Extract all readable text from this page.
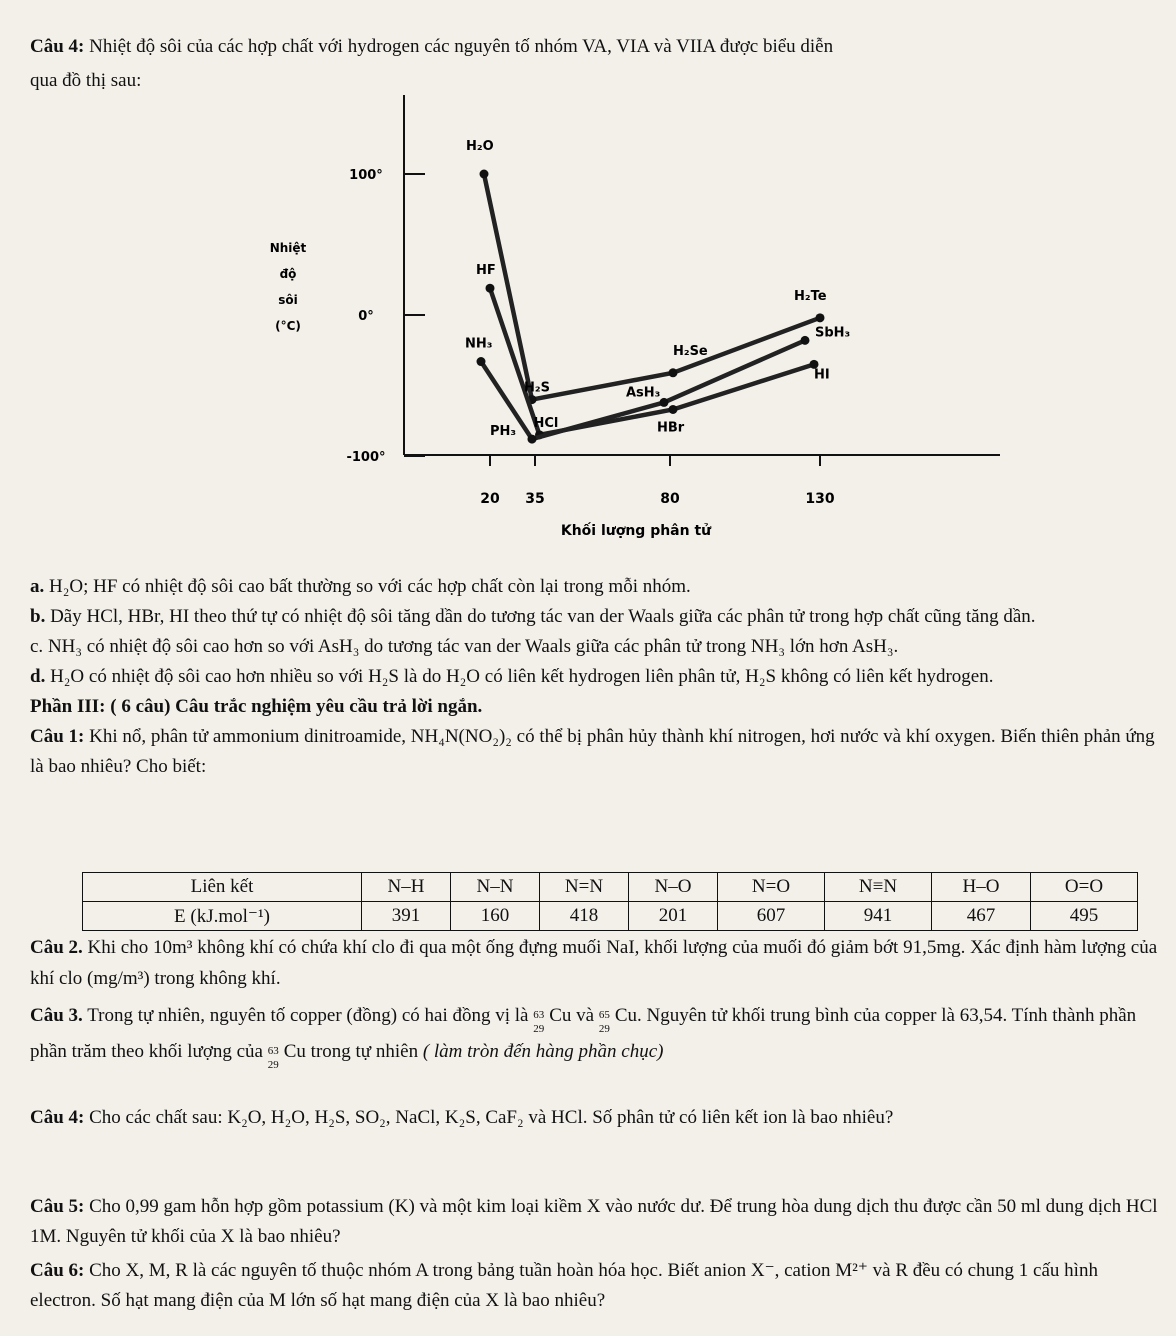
Câu 4: Nhiệt độ sôi của các hợp chất với hydrogen các nguyên tố nhóm VA, VIA và VIIA được biểu diễn
qua đồ thị sau:
100°
0°
-100°
20 35	80	130
Nhiệt
độ
sôi
(°C)
Khối lượng phân tử
H₂O
H₂S
H₂Se
H₂Te
HF
HCl	HBr
HI
NH₃
PH₃
AsH₃
SbH₃

a. H₂O; HF có nhiệt độ sôi cao bất thường so với các hợp chất còn lại trong mỗi nhóm.

b. Dãy HCl, HBr, HI theo thứ tự có nhiệt độ sôi tăng dần do tương tác van der Waals giữa các phân tử trong hợp chất cũng tăng dần.

c. NH₃ có nhiệt độ sôi cao hơn so với AsH₃ do tương tác van der Waals giữa các phân tử trong NH₃ lớn hơn AsH₃.

d. H₂O có nhiệt độ sôi cao hơn nhiều so với H₂S là do H₂O có liên kết hydrogen liên phân tử, H₂S không có liên kết hydrogen.

Phần III: ( 6 câu) Câu trắc nghiệm yêu cầu trả lời ngắn.

Câu 1: Khi nổ, phân tử ammonium dinitroamide, NH₄N(NO₂)₂ có thể bị phân hủy thành khí nitrogen, hơi nước và khí oxygen. Biến thiên phản ứng là bao nhiêu? Cho biết:

Liên kết	N–H	N–N	N=N	N–O	N=O	N≡N	H–O	O=O
E (kJ.mol⁻¹)	391	160	418	201	607	941	467	495

Câu 2. Khi cho 10m³ không khí có chứa khí clo đi qua một ống đựng muối NaI, khối lượng của muối đó giảm bớt 91,5mg. Xác định hàm lượng của khí clo (mg/m³) trong không khí.

Câu 3. Trong tự nhiên, nguyên tố copper (đồng) có hai đồng vị là 63
29
Cu và 65
29
Cu. Nguyên tử khối trung bình của copper là 63,54. Tính thành phần phần trăm theo khối lượng của 63
29
Cu trong tự nhiên ( làm tròn đến hàng phần chục)

Câu 4: Cho các chất sau: K₂O, H₂O, H₂S, SO₂, NaCl, K₂S, CaF₂ và HCl. Số phân tử có liên kết ion là bao nhiêu?

Câu 5: Cho 0,99 gam hỗn hợp gồm potassium (K) và một kim loại kiềm X vào nước dư. Để trung hòa dung dịch thu được cần 50 ml dung dịch HCl 1M. Nguyên tử khối của X là bao nhiêu?

Câu 6: Cho X, M, R là các nguyên tố thuộc nhóm A trong bảng tuần hoàn hóa học. Biết anion X⁻, cation M²⁺ và R đều có chung 1 cấu hình electron. Số hạt mang điện của M lớn số hạt mang điện của X là bao nhiêu?
